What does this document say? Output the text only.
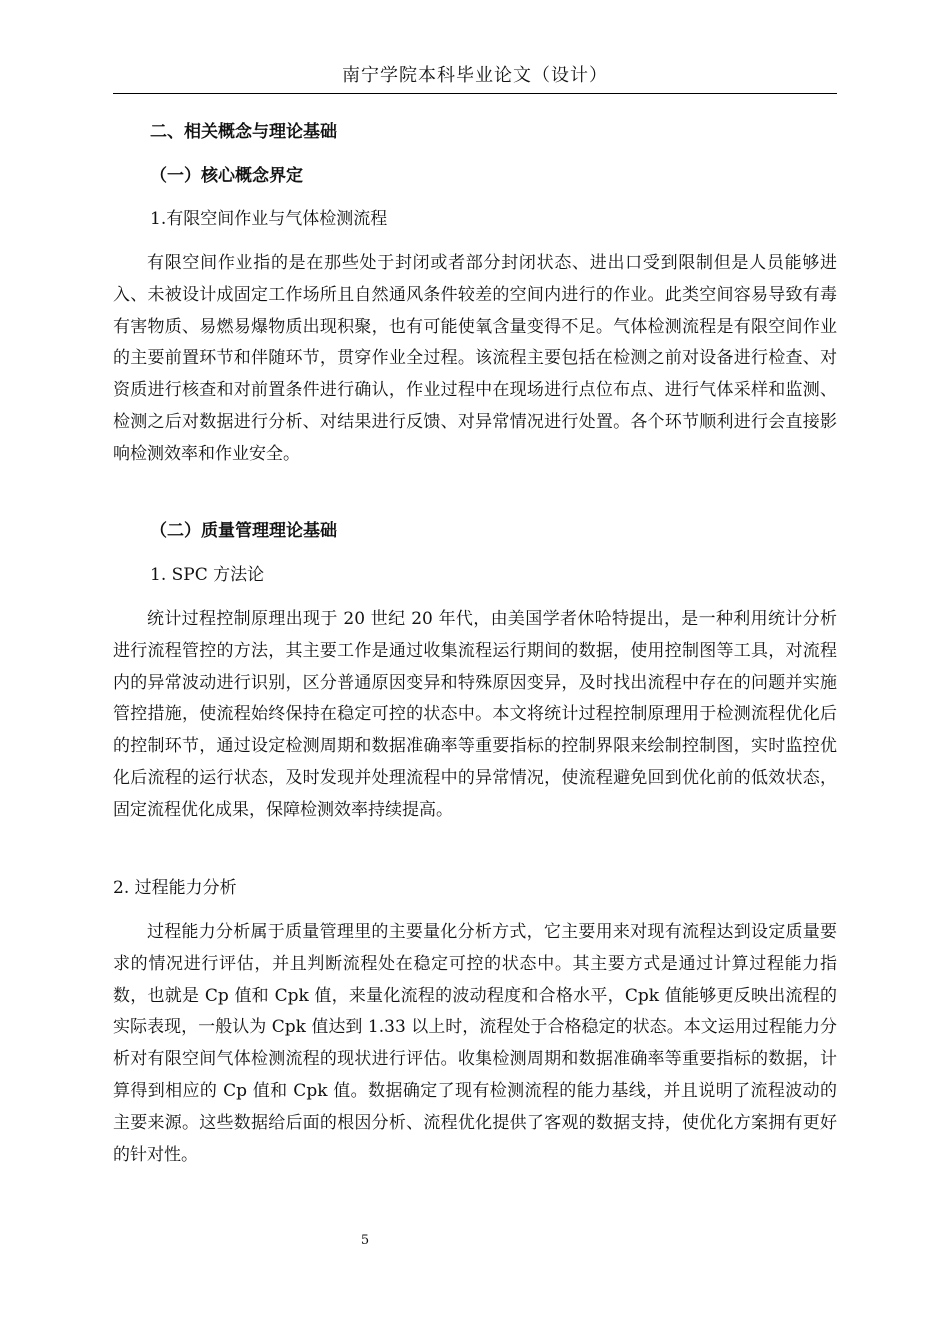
南宁学院本科毕业论文（设计）
二、相关概念与理论基础
（一）核心概念界定
1.有限空间作业与气体检测流程

有限空间作业指的是在那些处于封闭或者部分封闭状态、进出口受到限制但是人员能够进入、未被设计成固定工作场所且自然通风条件较差的空间内进行的作业。此类空间容易导致有毒有害物质、易燃易爆物质出现积聚，也有可能使氧含量变得不足。气体检测流程是有限空间作业的主要前置环节和伴随环节，贯穿作业全过程。该流程主要包括在检测之前对设备进行检查、对资质进行核查和对前置条件进行确认，作业过程中在现场进行点位布点、进行气体采样和监测、检测之后对数据进行分析、对结果进行反馈、对异常情况进行处置。各个环节顺利进行会直接影响检测效率和作业安全。

（二）质量管理理论基础
1. SPC 方法论

统计过程控制原理出现于 20 世纪 20 年代，由美国学者休哈特提出，是一种利用统计分析进行流程管控的方法，其主要工作是通过收集流程运行期间的数据，使用控制图等工具，对流程内的异常波动进行识别，区分普通原因变异和特殊原因变异，及时找出流程中存在的问题并实施管控措施，使流程始终保持在稳定可控的状态中。本文将统计过程控制原理用于检测流程优化后的控制环节，通过设定检测周期和数据准确率等重要指标的控制界限来绘制控制图，实时监控优化后流程的运行状态，及时发现并处理流程中的异常情况，使流程避免回到优化前的低效状态，固定流程优化成果，保障检测效率持续提高。

2. 过程能力分析

过程能力分析属于质量管理里的主要量化分析方式，它主要用来对现有流程达到设定质量要求的情况进行评估，并且判断流程处在稳定可控的状态中。其主要方式是通过计算过程能力指数，也就是 Cp 值和 Cpk 值，来量化流程的波动程度和合格水平，Cpk 值能够更反映出流程的实际表现，一般认为 Cpk 值达到 1.33 以上时，流程处于合格稳定的状态。本文运用过程能力分析对有限空间气体检测流程的现状进行评估。收集检测周期和数据准确率等重要指标的数据，计算得到相应的 Cp 值和 Cpk 值。数据确定了现有检测流程的能力基线，并且说明了流程波动的主要来源。这些数据给后面的根因分析、流程优化提供了客观的数据支持，使优化方案拥有更好的针对性。

5
